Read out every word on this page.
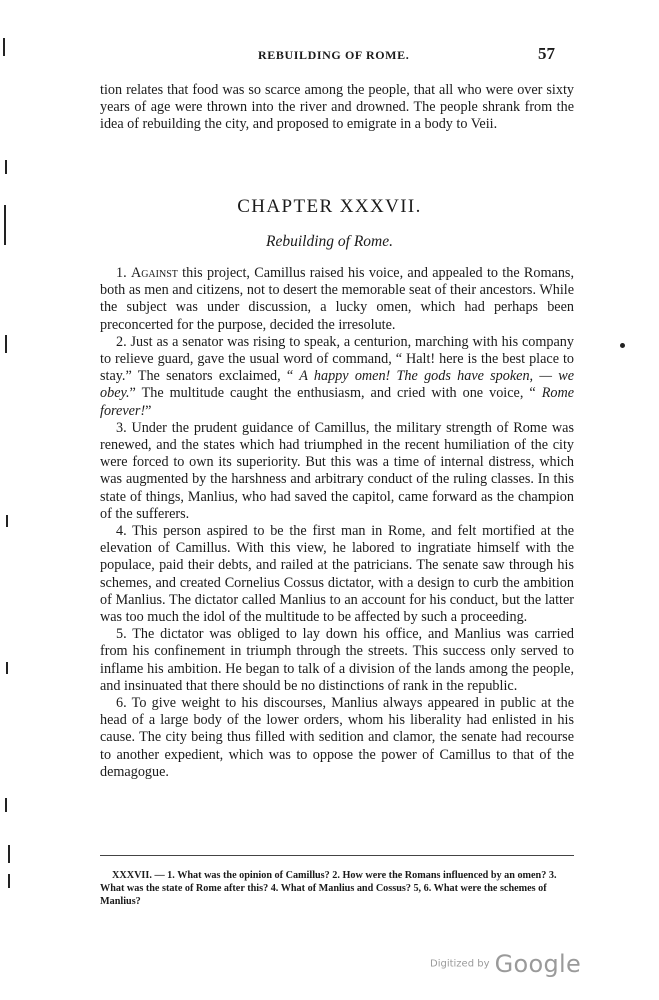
REBUILDING OF ROME.	57

tion relates that food was so scarce among the people, that all who were over sixty years of age were thrown into the river and drowned. The people shrank from the idea of rebuilding the city, and proposed to emigrate in a body to Veii.

CHAPTER XXXVII.
Rebuilding of Rome.

1. Against this project, Camillus raised his voice, and appealed to the Romans, both as men and citizens, not to desert the memorable seat of their ancestors. While the subject was under discussion, a lucky omen, which had perhaps been preconcerted for the purpose, decided the irresolute.

2. Just as a senator was rising to speak, a centurion, marching with his company to relieve guard, gave the usual word of command, “ Halt! here is the best place to stay.” The senators exclaimed, “ A happy omen! The gods have spoken, — we obey.” The multitude caught the enthusiasm, and cried with one voice, “ Rome forever!”

3. Under the prudent guidance of Camillus, the military strength of Rome was renewed, and the states which had triumphed in the recent humiliation of the city were forced to own its superiority. But this was a time of internal distress, which was augmented by the harshness and arbitrary conduct of the ruling classes. In this state of things, Manlius, who had saved the capitol, came forward as the champion of the sufferers.

4. This person aspired to be the first man in Rome, and felt mortified at the elevation of Camillus. With this view, he labored to ingratiate himself with the populace, paid their debts, and railed at the patricians. The senate saw through his schemes, and created Cornelius Cossus dictator, with a design to curb the ambition of Manlius. The dictator called Manlius to an account for his conduct, but the latter was too much the idol of the multitude to be affected by such a proceeding.

5. The dictator was obliged to lay down his office, and Manlius was carried from his confinement in triumph through the streets. This success only served to inflame his ambition. He began to talk of a division of the lands among the people, and insinuated that there should be no distinctions of rank in the republic.

6. To give weight to his discourses, Manlius always appeared in public at the head of a large body of the lower orders, whom his liberality had enlisted in his cause. The city being thus filled with sedition and clamor, the senate had recourse to another expedient, which was to oppose the power of Camillus to that of the demagogue.

XXXVII. — 1. What was the opinion of Camillus? 2. How were the Romans influenced by an omen? 3. What was the state of Rome after this? 4. What of Manlius and Cossus? 5, 6. What were the schemes of Manlius?

Digitized by Google
